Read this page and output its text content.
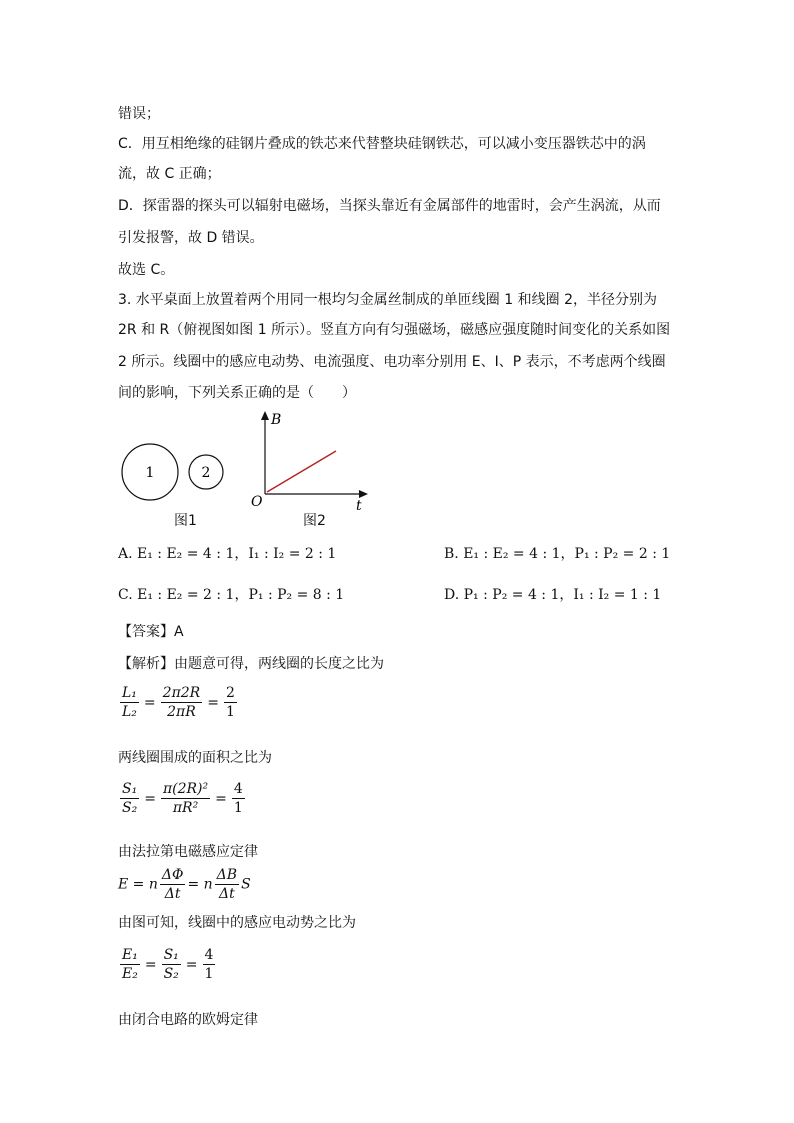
错误；
C．用互相绝缘的硅钢片叠成的铁芯来代替整块硅钢铁芯，可以减小变压器铁芯中的涡
流，故 C 正确；
D．探雷器的探头可以辐射电磁场，当探头靠近有金属部件的地雷时，会产生涡流，从而
引发报警，故 D 错误。
故选 C。
3. 水平桌面上放置着两个用同一根均匀金属丝制成的单匝线圈 1 和线圈 2，半径分别为
2R 和 R（俯视图如图 1 所示）。竖直方向有匀强磁场，磁感应强度随时间变化的关系如图
2 所示。线圈中的感应电动势、电流强度、电功率分别用 E、I、P 表示，不考虑两个线圈
间的影响，下列关系正确的是（　　）
1	2
B
t
O
图1	图2
A. E₁ : E₂ = 4 : 1，I₁ : I₂ = 2 : 1	B. E₁ : E₂ = 4 : 1，P₁ : P₂ = 2 : 1
C. E₁ : E₂ = 2 : 1，P₁ : P₂ = 8 : 1	D. P₁ : P₂ = 4 : 1，I₁ : I₂ = 1 : 1
【答案】A
【解析】由题意可得，两线圈的长度之比为
$\frac{\text{L₁}}{\text{L₂}} = \frac{2\pi 2R}{2\pi R} = \frac{2}{1}$
两线圈围成的面积之比为
$\frac{\text{S₁}}{\text{S₂}} = \frac{\text{π(2R)²}}{\text{πR²}} = \frac{4}{1}$
由法拉第电磁感应定律
E = n $\frac{\Delta\Phi}{\Delta t} = n \frac{\Delta B}{\Delta t}$ S
由图可知，线圈中的感应电动势之比为
$\frac{\text{E₁}}{\text{E₂}} = \frac{\text{S₁}}{\text{S₂}} = \frac{4}{1}$
由闭合电路的欧姆定律
